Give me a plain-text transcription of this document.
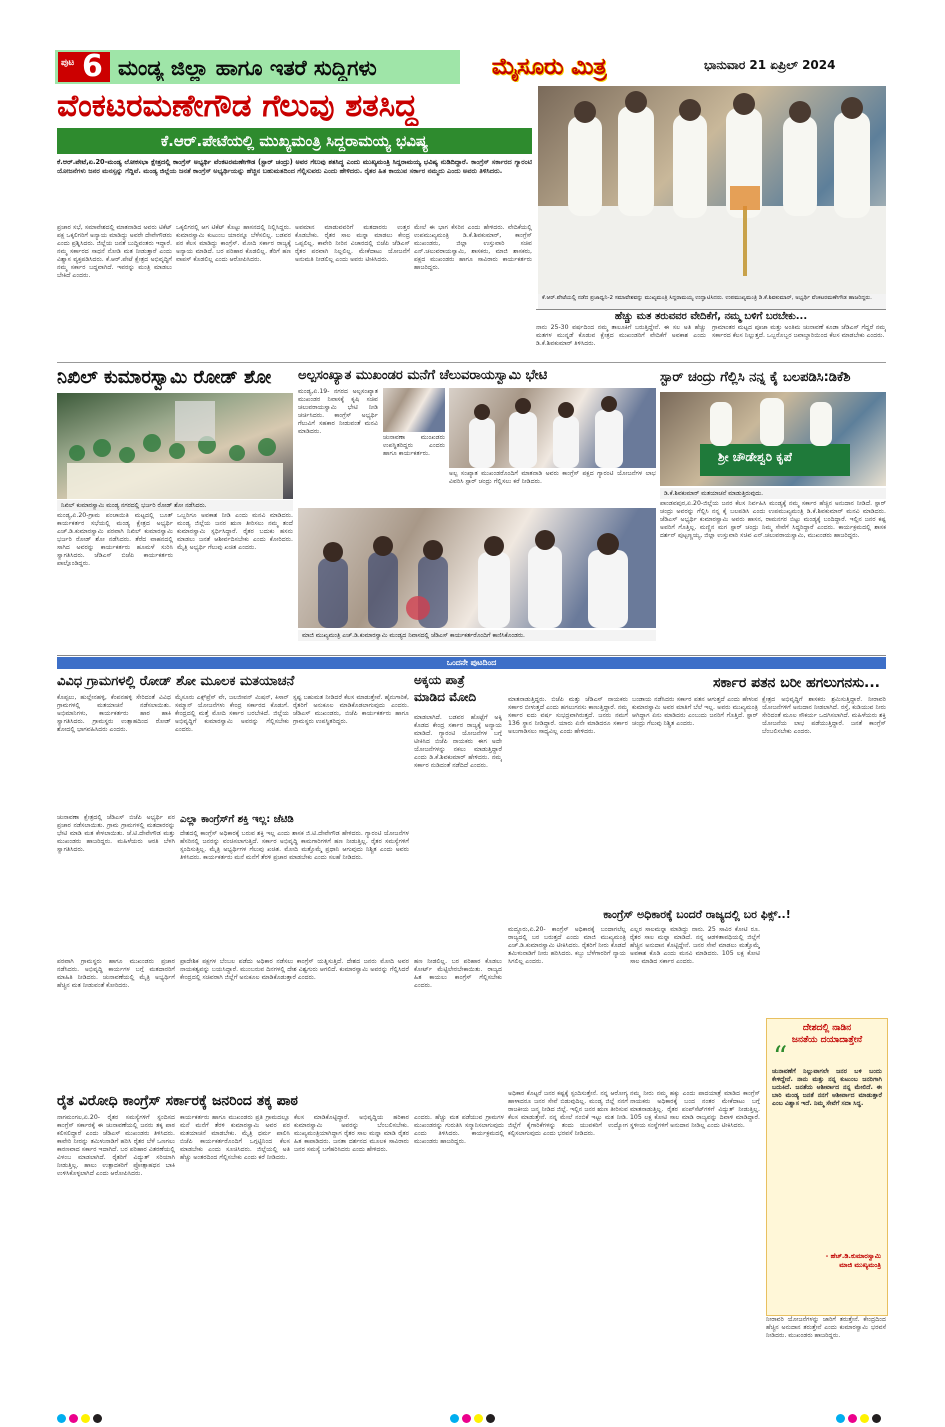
ಪುಟ 6 ಮಂಡ್ಯ ಜಿಲ್ಲಾ ಹಾಗೂ ಇತರೆ ಸುದ್ದಿಗಳು	ಮೈಸೂರು ಮಿತ್ರ	ಭಾನುವಾರ 21 ಏಪ್ರಿಲ್ 2024
ವೆಂಕಟರಮಣೇಗೌಡ ಗೆಲುವು ಶತಸಿದ್ಧ
ಕೆ.ಆರ್.ಪೇಟೆಯಲ್ಲಿ ಮುಖ್ಯಮಂತ್ರಿ ಸಿದ್ದರಾಮಯ್ಯ ಭವಿಷ್ಯ
ಕೆ.ಆರ್.ಪೇಟೆ,ಏ.20-ಮಂಡ್ಯ ಲೋಕಸಭಾ ಕ್ಷೇತ್ರದಲ್ಲಿ ಕಾಂಗ್ರೆಸ್ ಅಭ್ಯರ್ಥಿ ವೆಂಕಟರಮಣೇಗೌಡ (ಸ್ಟಾರ್ ಚಂದ್ರು) ಅವರ ಗೆಲುವು ಶತಸಿದ್ಧ ಎಂದು ಮುಖ್ಯಮಂತ್ರಿ ಸಿದ್ದರಾಮಯ್ಯ ಭವಿಷ್ಯ ನುಡಿದಿದ್ದಾರೆ. ಕಾಂಗ್ರೆಸ್ ಸರ್ಕಾರದ ಗ್ಯಾರಂಟಿ ಯೋಜನೆಗಳು ಜನರ ಮನಸ್ಸನ್ನು ಗೆದ್ದಿವೆ. ಮಂಡ್ಯ ಜಿಲ್ಲೆಯ ಜನತೆ ಕಾಂಗ್ರೆಸ್ ಅಭ್ಯರ್ಥಿಯನ್ನು ಹೆಚ್ಚಿನ ಬಹುಮತದಿಂದ ಗೆಲ್ಲಿಸುವರು ಎಂದು ಹೇಳಿದರು. ರೈತರ ಹಿತ ಕಾಯುವ ಸರ್ಕಾರ ನಮ್ಮದು ಎಂದು ಅವರು ತಿಳಿಸಿದರು.
ಪ್ರಚಾರ ಸಭೆ, ಸಮಾವೇಶದಲ್ಲಿ ಮಾತನಾಡಿದ ಅವರು ಟಿಕೆಟ್ ಪಕ್ಷ ಒಕ್ಕಲಿಗರಿಗೆ ಅನ್ಯಾಯ ಮಾಡಿದ್ದು ಅವರೇ ದೇವೇಗೌಡರು ಎಂದು ಪ್ರಶ್ನಿಸಿದರು. ಜಿಲ್ಲೆಯ ಜನತೆ ಬುದ್ದಿವಂತರು ಇದ್ದಾರೆ. ನಮ್ಮ ಸರ್ಕಾರದ ಸಾಧನೆ ನೋಡಿ ಮತ ನೀಡುತ್ತಾರೆ ಎಂದು ವಿಶ್ವಾಸ ವ್ಯಕ್ತಪಡಿಸಿದರು. ಕೆ.ಆರ್.ಪೇಟೆ ಕ್ಷೇತ್ರದ ಅಭಿವೃದ್ಧಿಗೆ ನಮ್ಮ ಸರ್ಕಾರ ಬದ್ಧವಾಗಿದೆ. ಇವರನ್ನು ಮಂತ್ರಿ ಮಾಡಲು ಬೇಕಿದೆ ಎಂದರು.
ಒಕ್ಕಲಿಗರಲ್ಲಿ ಆಗ ಟಿಕೆಟ್ ಕೊಟ್ಟು ಹಾಸನದಲ್ಲಿ ನಿಲ್ಲಿಸಿದ್ದರು. ಕುಮಾರಸ್ವಾಮಿ ಕುಟುಂಬ ಯಾರನ್ನೂ ಬೆಳೆಸಲಿಲ್ಲ. ಬಡವರ ಪರ ಕೆಲಸ ಮಾಡಿದ್ದು ಕಾಂಗ್ರೆಸ್. ಮೋದಿ ಸರ್ಕಾರ ರಾಜ್ಯಕ್ಕೆ ಅನ್ಯಾಯ ಮಾಡಿದೆ. ಬರ ಪರಿಹಾರ ಕೊಡಲಿಲ್ಲ. ತೆರಿಗೆ ಹಣ ವಾಪಸ್ ಕೊಡಲಿಲ್ಲ ಎಂದು ಆರೋಪಿಸಿದರು.
ಅವಮಾನ ಮಾಡುವವರಿಗೆ ಮತದಾರರು ಉತ್ತರ ಕೊಡಬೇಕು. ರೈತರ ಸಾಲ ಮನ್ನಾ ಮಾಡಲು ಕೇಂದ್ರ ಒಪ್ಪಲಿಲ್ಲ. ಕಾವೇರಿ ನೀರಿನ ವಿಚಾರದಲ್ಲಿ ಬಿಜೆಪಿ ಜೆಡಿಎಸ್ ರೈತರ ಪರವಾಗಿ ನಿಲ್ಲಲಿಲ್ಲ. ಮೇಕೆದಾಟು ಯೋಜನೆಗೆ ಅನುಮತಿ ನೀಡಲಿಲ್ಲ ಎಂದು ಅವರು ಟೀಕಿಸಿದರು.
ಮೇಲೆ ಈ ಭಾಗ ಕೆಸರಿನ ಎಂದು ಹೇಳಿದರು. ವೇದಿಕೆಯಲ್ಲಿ ಉಪಮುಖ್ಯಮಂತ್ರಿ ಡಿ.ಕೆ.ಶಿವಕುಮಾರ್, ಕಾಂಗ್ರೆಸ್ ಮುಖಂಡರು, ಜಿಲ್ಲಾ ಉಸ್ತುವಾರಿ ಸಚಿವ ಎನ್.ಚಲುವರಾಯಸ್ವಾಮಿ, ಶಾಸಕರು, ಮಾಜಿ ಶಾಸಕರು, ಪಕ್ಷದ ಮುಖಂಡರು ಹಾಗೂ ಸಾವಿರಾರು ಕಾರ್ಯಕರ್ತರು ಹಾಜರಿದ್ದರು.
ಕೆ.ಆರ್.ಪೇಟೆಯಲ್ಲಿ ನಡೆದ ಪ್ರಜಾಧ್ವನಿ-2 ಸಮಾವೇಶವನ್ನು ಮುಖ್ಯಮಂತ್ರಿ ಸಿದ್ದರಾಮಯ್ಯ ಉದ್ಘಾಟಿಸಿದರು. ಉಪಮುಖ್ಯಮಂತ್ರಿ ಡಿ.ಕೆ.ಶಿವಕುಮಾರ್, ಅಭ್ಯರ್ಥಿ ವೆಂಕಟರಮಣೇಗೌಡ ಹಾಜರಿದ್ದರು.
ಹೆಚ್ಚು ಮತ ತರುವವರ ವೇದಿಕೆಗೆ, ನಮ್ಮ ಬಳಿಗೆ ಬರಬೇಕು...
ನಾನು 25-30 ವರ್ಷದಿಂದ ನಮ್ಮ ತಾಲೂಕಿಗೆ ಬರುತ್ತಿದ್ದೇನೆ. ಈ ಸಲ ಅತಿ ಹೆಚ್ಚು ಮತಗಳ ಮುನ್ನಡೆ ಕೊಡುವ ಕ್ಷೇತ್ರದ ಮುಖಂಡರಿಗೆ ವೇದಿಕೆಗೆ ಅವಕಾಶ ಎಂದು ಡಿ.ಕೆ.ಶಿವಕುಮಾರ್ ತಿಳಿಸಿದರು.
ಗ್ರಾಮಾಂತರ ಮಟ್ಟದ ಪೂಜಾ ಮತ್ತು ಅಂತಿಮ ಚುನಾವಣೆ ಕೂಡಾ ಜೆಡಿಎಸ್ ಗೆದ್ದರೆ ನಮ್ಮ ಸರ್ಕಾರದ ಕೆಲಸ ನಿಲ್ಲುತ್ತದೆ. ಒಬ್ಬರೊಬ್ಬರ ಜವಾಬ್ದಾರಿಯಿಂದ ಕೆಲಸ ಮಾಡಬೇಕು ಎಂದರು.
ನಿಖಿಲ್ ಕುಮಾರಸ್ವಾಮಿ ರೋಡ್ ಶೋ
ನಿಖಿಲ್ ಕುಮಾರಸ್ವಾಮಿ ಮಂಡ್ಯ ನಗರದಲ್ಲಿ ಭರ್ಜರಿ ರೋಡ್ ಶೋ ನಡೆಸಿದರು.
ಮಂಡ್ಯ,ಏ.20-ಗ್ರಾಮ ಪಂಚಾಯಿತಿ ಮಟ್ಟದಲ್ಲಿ ಬೂತ್ ಕಾರ್ಯಕರ್ತರ ಸಭೆಯಲ್ಲಿ ಮಂಡ್ಯ ಕ್ಷೇತ್ರದ ಅಭ್ಯರ್ಥಿ ಎಚ್.ಡಿ.ಕುಮಾರಸ್ವಾಮಿ ಪರವಾಗಿ ನಿಖಿಲ್ ಕುಮಾರಸ್ವಾಮಿ ಭರ್ಜರಿ ರೋಡ್ ಶೋ ನಡೆಸಿದರು. ತೆರೆದ ವಾಹನದಲ್ಲಿ ಸಾಗಿದ ಅವರನ್ನು ಕಾರ್ಯಕರ್ತರು ಹೂಮಳೆ ಸುರಿಸಿ ಸ್ವಾಗತಿಸಿದರು. ಜೆಡಿಎಸ್ ಬಿಜೆಪಿ ಕಾರ್ಯಕರ್ತರು ಪಾಲ್ಗೊಂಡಿದ್ದರು.
ಒಬ್ಬರಿಗೂ ಅವಕಾಶ ನೀಡಿ ಎಂದು ಮನವಿ ಮಾಡಿದರು. ಮಂಡ್ಯ ಜಿಲ್ಲೆಯ ಜನರ ಋಣ ತೀರಿಸಲು ನಮ್ಮ ತಂದೆ ಕುಮಾರಸ್ವಾಮಿ ಸ್ಪರ್ಧಿಸಿದ್ದಾರೆ. ರೈತರ ಬದುಕು ಹಸನು ಮಾಡಲು ಜನತೆ ಆಶೀರ್ವದಿಸಬೇಕು ಎಂದು ಕೋರಿದರು. ಮೈತ್ರಿ ಅಭ್ಯರ್ಥಿ ಗೆಲುವು ಖಚಿತ ಎಂದರು.
ಅಲ್ಪಸಂಖ್ಯಾತ ಮುಖಂಡರ ಮನೆಗೆ ಚೆಲುವರಾಯಸ್ವಾಮಿ ಭೇಟಿ
ಮಂಡ್ಯ,ಏ.19- ನಗರದ ಅಲ್ಪಸಂಖ್ಯಾತ ಮುಖಂಡರ ನಿವಾಸಕ್ಕೆ ಕೃಷಿ ಸಚಿವ ಚಲುವರಾಯಸ್ವಾಮಿ ಭೇಟಿ ನೀಡಿ ಚರ್ಚಿಸಿದರು. ಕಾಂಗ್ರೆಸ್ ಅಭ್ಯರ್ಥಿ ಗೆಲುವಿಗೆ ಸಹಕಾರ ನೀಡುವಂತೆ ಮನವಿ ಮಾಡಿದರು.
ಚುನಾವಣಾ ಮುಂಖಡರು ಉಪಸ್ಥಿತರಿದ್ದರು ಎಂದರು ಹಾಗೂ ಕಾರ್ಯಕರ್ತರು.
ಅಲ್ಪ ಸಂಖ್ಯಾತ ಮುಖಂಡರೊಂದಿಗೆ ಮಾತನಾಡಿ ಅವರು ಕಾಂಗ್ರೆಸ್ ಪಕ್ಷದ ಗ್ಯಾರಂಟಿ ಯೋಜನೆಗಳ ಲಾಭ ವಿವರಿಸಿ ಸ್ಟಾರ್ ಚಂದ್ರು ಗೆಲ್ಲಿಸಲು ಕರೆ ನೀಡಿದರು.
ಸ್ಟಾರ್ ಚಂದ್ರು ಗೆಲ್ಲಿಸಿ ನನ್ನ ಕೈ ಬಲಪಡಿಸಿ:ಡಿಕೆಶಿ
ಶ್ರೀ ಚೌಡೇಶ್ವರಿ ಕೃಪೆ
ಡಿ.ಕೆ.ಶಿವಕುಮಾರ್ ಮತಯಾಚನೆ ಮಾಡುತ್ತಿರುವುದು.
ಪಾಂಡವಪುರ,ಏ.20-ಜಿಲ್ಲೆಯ ಜನರ ಕೆಲಸ ನಿರ್ವಹಿಸಿ ಮಂಡ್ಯಕ್ಕೆ ನಮ್ಮ ಸರ್ಕಾರ ಹೆಚ್ಚಿನ ಅನುದಾನ ನೀಡಿದೆ. ಸ್ಟಾರ್ ಚಂದ್ರು ಅವರನ್ನು ಗೆಲ್ಲಿಸಿ ನನ್ನ ಕೈ ಬಲಪಡಿಸಿ ಎಂದು ಉಪಮುಖ್ಯಮಂತ್ರಿ ಡಿ.ಕೆ.ಶಿವಕುಮಾರ್ ಮನವಿ ಮಾಡಿದರು. ಜೆಡಿಎಸ್ ಅಭ್ಯರ್ಥಿ ಕುಮಾರಸ್ವಾಮಿ ಅವರು ಹಾಸನ, ರಾಮನಗರ ಬಿಟ್ಟು ಮಂಡ್ಯಕ್ಕೆ ಬಂದಿದ್ದಾರೆ. ಇಲ್ಲಿನ ಜನರ ಕಷ್ಟ ಅವರಿಗೆ ಗೊತ್ತಿಲ್ಲ. ಮಣ್ಣಿನ ಮಗ ಸ್ಟಾರ್ ಚಂದ್ರು ನಿಮ್ಮ ಸೇವೆಗೆ ಸಿದ್ಧರಿದ್ದಾರೆ ಎಂದರು. ಕಾರ್ಯಕ್ರಮದಲ್ಲಿ ಶಾಸಕ ದರ್ಶನ್ ಪುಟ್ಟಣ್ಣಯ್ಯ, ಜಿಲ್ಲಾ ಉಸ್ತುವಾರಿ ಸಚಿವ ಎನ್.ಚಲುವರಾಯಸ್ವಾಮಿ, ಮುಖಂಡರು ಹಾಜರಿದ್ದರು.
ಮಾಜಿ ಮುಖ್ಯಮಂತ್ರಿ ಎಚ್.ಡಿ.ಕುಮಾರಸ್ವಾಮಿ ಮಂಡ್ಯದ ನಿವಾಸದಲ್ಲಿ ಜೆಡಿಎಸ್ ಕಾರ್ಯಕರ್ತರೊಂದಿಗೆ ಕಾಣಿಸಿಕೊಂಡರು.
ಒಂದನೇ ಪುಟದಿಂದ
ವಿವಿಧ ಗ್ರಾಮಗಳಲ್ಲಿ ರೋಡ್ ಶೋ ಮೂಲಕ ಮತಯಾಚನೆ
ಕೊಪ್ಪಲು, ಹುಲ್ಲೇನಹಳ್ಳಿ, ಕೆಂಪನಹಳ್ಳಿ ಸೇರಿದಂತೆ ವಿವಿಧ ಗ್ರಾಮಗಳಲ್ಲಿ ಮತಯಾಚನೆ ನಡೆಸಲಾಯಿತು. ಅಭಿಮಾನಿಗಳು, ಕಾರ್ಯಕರ್ತರು ಹಾರ ಹಾಕಿ ಸ್ವಾಗತಿಸಿದರು. ಗ್ರಾಮಸ್ಥರು ಉತ್ಸಾಹದಿಂದ ರೋಡ್ ಶೋದಲ್ಲಿ ಭಾಗವಹಿಸಿದರು ಎಂದರು.
ಮೈಸೂರು ಎಕ್ಸ್‌ಪ್ರೆಸ್ ವೇ, ಜಲಜೀವನ್ ಮಿಷನ್, ಕಿಸಾನ್ ಸಮ್ಮಾನ್ ಯೋಜನೆಗಳು ಕೇಂದ್ರ ಸರ್ಕಾರದ ಕೊಡುಗೆ. ಕೇಂದ್ರದಲ್ಲಿ ಮತ್ತೆ ಮೋದಿ ಸರ್ಕಾರ ಬರಬೇಕಿದೆ. ಜಿಲ್ಲೆಯ ಅಭಿವೃದ್ಧಿಗೆ ಕುಮಾರಸ್ವಾಮಿ ಅವರನ್ನು ಗೆಲ್ಲಿಸಬೇಕು ಎಂದರು.
ಸ್ಪಷ್ಟ ಬಹುಮತ ನೀಡಿದರೆ ಕೆಲಸ ಮಾಡುತ್ತೇವೆ. ಹೈನುಗಾರಿಕೆ, ರೈತರಿಗೆ ಅನುಕೂಲ ಮಾಡಿಕೊಡಲಾಗುವುದು ಎಂದರು. ಜೆಡಿಎಸ್ ಮುಖಂಡರು, ಬಿಜೆಪಿ ಕಾರ್ಯಕರ್ತರು ಹಾಗೂ ಗ್ರಾಮಸ್ಥರು ಉಪಸ್ಥಿತರಿದ್ದರು.
ಎಲ್ಲಾ ಕಾಂಗ್ರೆಸ್‌ಗೆ ಶಕ್ತಿ ಇಲ್ಲ: ಜೆಟಿಡಿ
ಚುನಾವಣಾ ಕ್ಷೇತ್ರದಲ್ಲಿ ಜೆಡಿಎಸ್ ಬಿಜೆಪಿ ಅಭ್ಯರ್ಥಿ ಪರ ಪ್ರಚಾರ ನಡೆಸಲಾಯಿತು. ಗ್ರಾಮ ಗ್ರಾಮಗಳಲ್ಲಿ ಮತದಾರರನ್ನು ಭೇಟಿ ಮಾಡಿ ಮತ ಕೇಳಲಾಯಿತು. ಜೆ.ಟಿ.ದೇವೇಗೌಡ ಮತ್ತು ಮುಖಂಡರು ಹಾಜರಿದ್ದರು. ಮಹಿಳೆಯರು ಆರತಿ ಬೆಳಗಿ ಸ್ವಾಗತಿಸಿದರು.
ದೇಶದಲ್ಲಿ ಕಾಂಗ್ರೆಸ್ ಅಧಿಕಾರಕ್ಕೆ ಬರುವ ಶಕ್ತಿ ಇಲ್ಲ ಎಂದು ಶಾಸಕ ಜಿ.ಟಿ.ದೇವೇಗೌಡ ಹೇಳಿದರು. ಗ್ಯಾರಂಟಿ ಯೋಜನೆಗಳ ಹೆಸರಿನಲ್ಲಿ ಜನರನ್ನು ವಂಚಿಸಲಾಗುತ್ತಿದೆ. ಸರ್ಕಾರ ಅಭಿವೃದ್ಧಿ ಕಾಮಗಾರಿಗಳಿಗೆ ಹಣ ನೀಡುತ್ತಿಲ್ಲ. ರೈತರ ಸಮಸ್ಯೆಗಳಿಗೆ ಸ್ಪಂದಿಸುತ್ತಿಲ್ಲ. ಮೈತ್ರಿ ಅಭ್ಯರ್ಥಿಗಳ ಗೆಲುವು ಖಚಿತ. ಮೋದಿ ಮತ್ತೊಮ್ಮೆ ಪ್ರಧಾನಿ ಆಗುವುದು ನಿಶ್ಚಿತ ಎಂದು ಅವರು ತಿಳಿಸಿದರು. ಕಾರ್ಯಕರ್ತರು ಮನೆ ಮನೆಗೆ ತೆರಳಿ ಪ್ರಚಾರ ಮಾಡಬೇಕು ಎಂದು ಸಲಹೆ ನೀಡಿದರು.
ಅಕ್ಕಯ ಪಾತ್ರೆ
ಮಾಡಿದ ಮೋದಿ
ಮಾಡಲಾಗಿದೆ. ಬಡವರ ಹೊಟ್ಟೆಗೆ ಅಕ್ಕಿ ಕೊಡದ ಕೇಂದ್ರ ಸರ್ಕಾರ ರಾಜ್ಯಕ್ಕೆ ಅನ್ಯಾಯ ಮಾಡಿದೆ. ಗ್ಯಾರಂಟಿ ಯೋಜನೆಗಳ ಬಗ್ಗೆ ಟೀಕಿಸಿದ ಬಿಜೆಪಿ ನಾಯಕರು ಈಗ ಅದೇ ಯೋಜನೆಗಳನ್ನು ನಕಲು ಮಾಡುತ್ತಿದ್ದಾರೆ ಎಂದು ಡಿ.ಕೆ.ಶಿವಕುಮಾರ್ ಹೇಳಿದರು. ನಮ್ಮ ಸರ್ಕಾರ ನುಡಿದಂತೆ ನಡೆದಿದೆ ಎಂದರು.
ಸರ್ಕಾರ ಪತನ ಬರೀ ಹಗಲುಗನಸು...
ಮಾತನಾಡುತ್ತಿದ್ದರು. ಬಿಜೆಪಿ ಮತ್ತು ಜೆಡಿಎಸ್ ನಾಯಕರು ಸರ್ಕಾರ ಬೀಳುತ್ತದೆ ಎಂದು ಹಗಲುಗನಸು ಕಾಣುತ್ತಿದ್ದಾರೆ. ನಮ್ಮ ಸರ್ಕಾರ ಐದು ವರ್ಷ ಸುಭದ್ರವಾಗಿರುತ್ತದೆ. ಜನರು ನಮಗೆ 136 ಸ್ಥಾನ ನೀಡಿದ್ದಾರೆ. ಯಾರು ಏನೇ ಮಾಡಿದರೂ ಸರ್ಕಾರ ಅಲುಗಾಡಿಸಲು ಸಾಧ್ಯವಿಲ್ಲ ಎಂದು ಹೇಳಿದರು.
ಬಂಡಾಯ ನಡೆಸಿದರು ಸರ್ಕಾರ ಪತನ ಆಗುತ್ತದೆ ಎಂದು ಹೇಳುವ ಕುಮಾರಸ್ವಾಮಿ ಅವರ ಮಾತಿಗೆ ಬೆಲೆ ಇಲ್ಲ. ಅವರು ಮುಖ್ಯಮಂತ್ರಿ ಆಗಿದ್ದಾಗ ಏನು ಮಾಡಿದರು ಎಂಬುದು ಜನರಿಗೆ ಗೊತ್ತಿದೆ. ಸ್ಟಾರ್ ಚಂದ್ರು ಗೆಲುವು ನಿಶ್ಚಿತ ಎಂದರು.
ಕ್ಷೇತ್ರದ ಅಭಿವೃದ್ಧಿಗೆ ಶಾಸಕರು ಶ್ರಮಿಸುತ್ತಿದ್ದಾರೆ. ನೀರಾವರಿ ಯೋಜನೆಗಳಿಗೆ ಅನುದಾನ ನೀಡಲಾಗಿದೆ. ರಸ್ತೆ, ಕುಡಿಯುವ ನೀರು ಸೇರಿದಂತೆ ಮೂಲ ಸೌಕರ್ಯ ಒದಗಿಸಲಾಗಿದೆ. ಮಹಿಳೆಯರು ಶಕ್ತಿ ಯೋಜನೆಯ ಲಾಭ ಪಡೆಯುತ್ತಿದ್ದಾರೆ. ಜನತೆ ಕಾಂಗ್ರೆಸ್ ಬೆಂಬಲಿಸಬೇಕು ಎಂದರು.
ಕಾಂಗ್ರೆಸ್ ಅಧಿಕಾರಕ್ಕೆ ಬಂದರೆ ರಾಜ್ಯದಲ್ಲಿ ಬರ ಫಿಕ್ಸ್..!
ರೈತ ವಿರೋಧಿ ಕಾಂಗ್ರೆಸ್ ಸರ್ಕಾರಕ್ಕೆ ಜನರಿಂದ ತಕ್ಕ ಪಾಠ
ಪರವಾಗಿ ಗ್ರಾಮಸ್ಥರು ಹಾಗೂ ಮುಖಂಡರು ಪ್ರಚಾರ ನಡೆಸಿದರು. ಅಭಿವೃದ್ಧಿ ಕಾರ್ಯಗಳ ಬಗ್ಗೆ ಮತದಾರರಿಗೆ ಮಾಹಿತಿ ನೀಡಿದರು. ಚುನಾವಣೆಯಲ್ಲಿ ಮೈತ್ರಿ ಅಭ್ಯರ್ಥಿಗೆ ಹೆಚ್ಚಿನ ಮತ ನೀಡುವಂತೆ ಕೋರಿದರು.
ಪ್ರಾದೇಶಿಕ ಪಕ್ಷಗಳ ಬೆಂಬಲ ಪಡೆದು ಅಧಿಕಾರ ನಡೆಸಲು ಕಾಂಗ್ರೆಸ್ ಯತ್ನಿಸುತ್ತಿದೆ. ದೇಶದ ಜನರು ಮೋದಿ ಅವರ ನಾಯಕತ್ವವನ್ನು ಬಯಸಿದ್ದಾರೆ. ಮುಂಬರುವ ದಿನಗಳಲ್ಲಿ ದೇಶ ವಿಶ್ವಗುರು ಆಗಲಿದೆ. ಕುಮಾರಸ್ವಾಮಿ ಅವರನ್ನು ಗೆಲ್ಲಿಸಿದರೆ ಕೇಂದ್ರದಲ್ಲಿ ಸಚಿವರಾಗಿ ಜಿಲ್ಲೆಗೆ ಅನುಕೂಲ ಮಾಡಿಕೊಡುತ್ತಾರೆ ಎಂದರು.
ಹಣ ನೀಡಲಿಲ್ಲ. ಬರ ಪರಿಹಾರ ಕೊಡಲು ಕೋರ್ಟ್ ಮೆಟ್ಟಿಲೇರಬೇಕಾಯಿತು. ರಾಜ್ಯದ ಹಿತ ಕಾಯಲು ಕಾಂಗ್ರೆಸ್ ಗೆಲ್ಲಿಸಬೇಕು ಎಂದರು.
ಮದ್ದೂರು,ಏ.20- ಕಾಂಗ್ರೆಸ್ ಅಧಿಕಾರಕ್ಕೆ ಬಂದಾಗಲೆಲ್ಲ ರಾಜ್ಯದಲ್ಲಿ ಬರ ಬರುತ್ತದೆ ಎಂದು ಮಾಜಿ ಮುಖ್ಯಮಂತ್ರಿ ಎಚ್.ಡಿ.ಕುಮಾರಸ್ವಾಮಿ ಟೀಕಿಸಿದರು. ರೈತರಿಗೆ ನೀರು ಕೊಡದೆ ತಮಿಳುನಾಡಿಗೆ ನೀರು ಹರಿಸಿದರು. ಕಬ್ಬು ಬೆಳೆಗಾರರಿಗೆ ನ್ಯಾಯ ಸಿಗಲಿಲ್ಲ ಎಂದರು.
ಎಲ್ಲರ ಸಾಲಮನ್ನಾ ಮಾಡಿದ್ದು ನಾನು. 25 ಸಾವಿರ ಕೋಟಿ ರೂ. ರೈತರ ಸಾಲ ಮನ್ನಾ ಮಾಡಿದೆ. ನನ್ನ ಆಡಳಿತಾವಧಿಯಲ್ಲಿ ಜಿಲ್ಲೆಗೆ ಹೆಚ್ಚಿನ ಅನುದಾನ ಕೊಟ್ಟಿದ್ದೇನೆ. ಜನರ ಸೇವೆ ಮಾಡಲು ಮತ್ತೊಮ್ಮೆ ಅವಕಾಶ ಕೊಡಿ ಎಂದು ಮನವಿ ಮಾಡಿದರು. 105 ಲಕ್ಷ ಕೋಟಿ ಸಾಲ ಮಾಡಿದ ಸರ್ಕಾರ ಎಂದರು.
ದೇಶದಲ್ಲಿ ನಾಡಿನ
ಜನತೆಯ ದಯಾದಾತ್ತೇನೆ
“
ಚುನಾವಣೆಗೆ ನಿಲ್ಲುವಾಗಲೇ ಜನರ ಬಳಿ ಬಂದು ಕೇಳಿದ್ದೇನೆ. ನಾನು ಮತ್ತು ನನ್ನ ಕುಟುಂಬ ಜನರಿಗಾಗಿ ಬದುಕಿದೆ. ಜನತೆಯ ಆಶೀರ್ವಾದ ನನ್ನ ಮೇಲಿದೆ. ಈ ಬಾರಿ ಮಂಡ್ಯ ಜನತೆ ನನಗೆ ಆಶೀರ್ವಾದ ಮಾಡುತ್ತಾರೆ ಎಂಬ ವಿಶ್ವಾಸ ಇದೆ. ನಿಮ್ಮ ಸೇವೆಗೆ ಸದಾ ಸಿದ್ಧ.
- ಹೆಚ್.ಡಿ.ಕುಮಾರಸ್ವಾಮಿ
ಮಾಜಿ ಮುಖ್ಯಮಂತ್ರಿ
ನೀರಾವರಿ ಯೋಜನೆಗಳನ್ನು ಜಾರಿಗೆ ತರುತ್ತೇನೆ. ಕೇಂದ್ರದಿಂದ ಹೆಚ್ಚಿನ ಅನುದಾನ ತರುತ್ತೇನೆ ಎಂದು ಕುಮಾರಸ್ವಾಮಿ ಭರವಸೆ ನೀಡಿದರು. ಮುಖಂಡರು ಹಾಜರಿದ್ದರು.
ನಾಗಮಂಗಲ,ಏ.20- ರೈತರ ಸಮಸ್ಯೆಗಳಿಗೆ ಸ್ಪಂದಿಸದ ಕಾಂಗ್ರೆಸ್ ಸರ್ಕಾರಕ್ಕೆ ಈ ಚುನಾವಣೆಯಲ್ಲಿ ಜನರು ತಕ್ಕ ಪಾಠ ಕಲಿಸಲಿದ್ದಾರೆ ಎಂದು ಜೆಡಿಎಸ್ ಮುಖಂಡರು ತಿಳಿಸಿದರು. ಕಾವೇರಿ ನೀರನ್ನು ತಮಿಳುನಾಡಿಗೆ ಹರಿಸಿ ರೈತರ ಬೆಳೆ ಒಣಗಲು ಕಾರಣವಾದ ಸರ್ಕಾರ ಇದಾಗಿದೆ. ಬರ ಪರಿಹಾರ ವಿತರಣೆಯಲ್ಲಿ ವಿಳಂಬ ಮಾಡಲಾಗಿದೆ. ರೈತರಿಗೆ ವಿದ್ಯುತ್ ಸರಿಯಾಗಿ ನೀಡುತ್ತಿಲ್ಲ. ಹಾಲು ಉತ್ಪಾದಕರಿಗೆ ಪ್ರೋತ್ಸಾಹಧನ ಬಾಕಿ ಉಳಿಸಿಕೊಳ್ಳಲಾಗಿದೆ ಎಂದು ಆರೋಪಿಸಿದರು.
ಕಾರ್ಯಕರ್ತರು ಹಾಗೂ ಮುಖಂಡರು ಪ್ರತಿ ಗ್ರಾಮದಲ್ಲೂ ಮನೆ ಮನೆಗೆ ತೆರಳಿ ಕುಮಾರಸ್ವಾಮಿ ಅವರ ಪರ ಮತಯಾಚನೆ ಮಾಡಬೇಕು. ಮೈತ್ರಿ ಧರ್ಮ ಪಾಲಿಸಿ ಬಿಜೆಪಿ ಕಾರ್ಯಕರ್ತರೊಂದಿಗೆ ಒಗ್ಗಟ್ಟಿನಿಂದ ಕೆಲಸ ಮಾಡಬೇಕು ಎಂದು ಸೂಚಿಸಿದರು. ಜಿಲ್ಲೆಯಲ್ಲಿ ಅತಿ ಹೆಚ್ಚು ಅಂತರದಿಂದ ಗೆಲ್ಲಿಸಬೇಕು ಎಂದು ಕರೆ ನೀಡಿದರು.
ಕೆಲಸ ಮಾಡಿಕೊಟ್ಟಿದ್ದಾರೆ. ಅಭಿವೃದ್ಧಿಯ ಹರಿಕಾರ ಕುಮಾರಸ್ವಾಮಿ ಅವರನ್ನು ಬೆಂಬಲಿಸಬೇಕು. ಮುಖ್ಯಮಂತ್ರಿಯಾಗಿದ್ದಾಗ ರೈತರ ಸಾಲ ಮನ್ನಾ ಮಾಡಿ ರೈತರ ಹಿತ ಕಾಪಾಡಿದರು. ಜನತಾ ದರ್ಶನದ ಮೂಲಕ ಸಾವಿರಾರು ಜನರ ಸಮಸ್ಯೆ ಬಗೆಹರಿಸಿದರು ಎಂದು ಹೇಳಿದರು.
ಎಂದರು. ಹೆಚ್ಚು ಮತ ಪಡೆಯುವ ಗ್ರಾಮಗಳ ಮುಖಂಡರನ್ನು ಗುರುತಿಸಿ ಸನ್ಮಾನಿಸಲಾಗುವುದು ಎಂದು ತಿಳಿಸಿದರು. ಕಾರ್ಯಕ್ರಮದಲ್ಲಿ ಮುಖಂಡರು ಹಾಜರಿದ್ದರು.
ಅಧಿಕಾರ ಕೊಟ್ಟರೆ ಜನರ ಕಷ್ಟಕ್ಕೆ ಸ್ಪಂದಿಸುತ್ತೇನೆ. ನನ್ನ ಆರೋಗ್ಯ ಹಾಳಾದರೂ ಜನರ ಸೇವೆ ಬಿಡುವುದಿಲ್ಲ. ಮಂಡ್ಯ ಜಿಲ್ಲೆ ನನಗೆ ರಾಜಕೀಯ ಜನ್ಮ ನೀಡಿದ ಜಿಲ್ಲೆ. ಇಲ್ಲಿನ ಜನರ ಋಣ ತೀರಿಸುವ ಕೆಲಸ ಮಾಡುತ್ತೇನೆ. ನನ್ನ ಮೇಲೆ ನಂಬಿಕೆ ಇಟ್ಟು ಮತ ನೀಡಿ. ಜಿಲ್ಲೆಗೆ ಕೈಗಾರಿಕೆಗಳನ್ನು ತಂದು ಯುವಕರಿಗೆ ಉದ್ಯೋಗ ಕಲ್ಪಿಸಲಾಗುವುದು ಎಂದು ಭರವಸೆ ನೀಡಿದರು.
ನಮ್ಮ ನೀರು ನಮ್ಮ ಹಕ್ಕು ಎಂದು ಪಾದಯಾತ್ರೆ ಮಾಡಿದ ಕಾಂಗ್ರೆಸ್ ನಾಯಕರು ಅಧಿಕಾರಕ್ಕೆ ಬಂದ ನಂತರ ಮೇಕೆದಾಟು ಬಗ್ಗೆ ಮಾತನಾಡುತ್ತಿಲ್ಲ. ರೈತರ ಪಂಪ್‌ಸೆಟ್‌ಗಳಿಗೆ ವಿದ್ಯುತ್ ನೀಡುತ್ತಿಲ್ಲ. 105 ಲಕ್ಷ ಕೋಟಿ ಸಾಲ ಮಾಡಿ ರಾಜ್ಯವನ್ನು ದಿವಾಳಿ ಮಾಡಿದ್ದಾರೆ. ಸ್ಥಳೀಯ ಸಂಸ್ಥೆಗಳಿಗೆ ಅನುದಾನ ನೀಡಿಲ್ಲ ಎಂದು ಟೀಕಿಸಿದರು.
